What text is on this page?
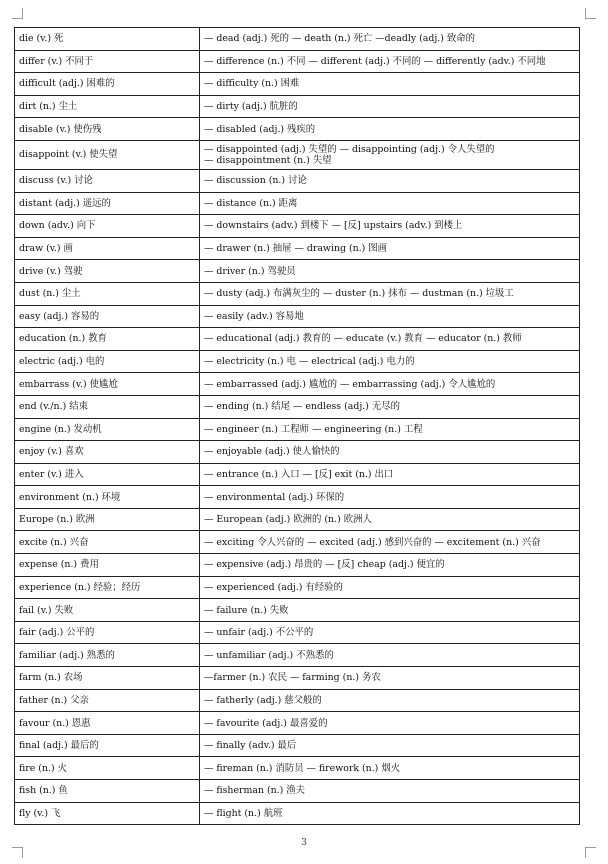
die (v.) 死	— dead (adj.) 死的 — death (n.) 死亡 —deadly (adj.) 致命的

differ (v.) 不同于	— difference (n.) 不同 — different (adj.) 不同的 — differently (adv.) 不同地

difficult (adj.) 困难的	— difficulty (n.) 困难

dirt (n.) 尘土	— dirty (adj.) 肮脏的

disable (v.) 使伤残	— disabled (adj.) 残疾的

disappoint (v.) 使失望	— disappointed (adj.) 失望的 — disappointing (adj.) 令人失望的
— disappointment (n.) 失望

discuss (v.) 讨论	— discussion (n.) 讨论

distant (adj.) 遥远的	— distance (n.) 距离

down (adv.) 向下	— downstairs (adv.) 到楼下 — [反] upstairs (adv.) 到楼上

draw (v.) 画	— drawer (n.) 抽屉 — drawing (n.) 图画

drive (v.) 驾驶	— driver (n.) 驾驶员

dust (n.) 尘土	— dusty (adj.) 布满灰尘的 — duster (n.) 抹布 — dustman (n.) 垃圾工

easy (adj.) 容易的	— easily (adv.) 容易地

education (n.) 教育	— educational (adj.) 教育的 — educate (v.) 教育 — educator (n.) 教师

electric (adj.) 电的	— electricity (n.) 电 — electrical (adj.) 电力的

embarrass (v.) 使尴尬	— embarrassed (adj.) 尴尬的 — embarrassing (adj.) 令人尴尬的

end (v./n.) 结束	— ending (n.) 结尾 — endless (adj.) 无尽的

engine (n.) 发动机	— engineer (n.) 工程师 — engineering (n.) 工程

enjoy (v.) 喜欢	— enjoyable (adj.) 使人愉快的

enter (v.) 进入	— entrance (n.) 入口 — [反] exit (n.) 出口

environment (n.) 环境	— environmental (adj.) 环保的

Europe (n.) 欧洲	— European (adj.) 欧洲的 (n.) 欧洲人

excite (n.) 兴奋	— exciting 令人兴奋的 — excited (adj.) 感到兴奋的 — excitement (n.) 兴奋

expense (n.) 费用	— expensive (adj.) 昂贵的 — [反] cheap (adj.) 便宜的

experience (n.) 经验；经历	— experienced (adj.) 有经验的

fail (v.) 失败	— failure (n.) 失败

fair (adj.) 公平的	— unfair (adj.) 不公平的

familiar (adj.) 熟悉的	— unfamiliar (adj.) 不熟悉的

farm (n.) 农场	—farmer (n.) 农民 — farming (n.) 务农

father (n.) 父亲	— fatherly (adj.) 慈父般的

favour (n.) 恩惠	— favourite (adj.) 最喜爱的

final (adj.) 最后的	— finally (adv.) 最后

fire (n.) 火	— fireman (n.) 消防员 — firework (n.) 烟火

fish (n.) 鱼	— fisherman (n.) 渔夫

fly (v.) 飞	— flight (n.) 航班
3
